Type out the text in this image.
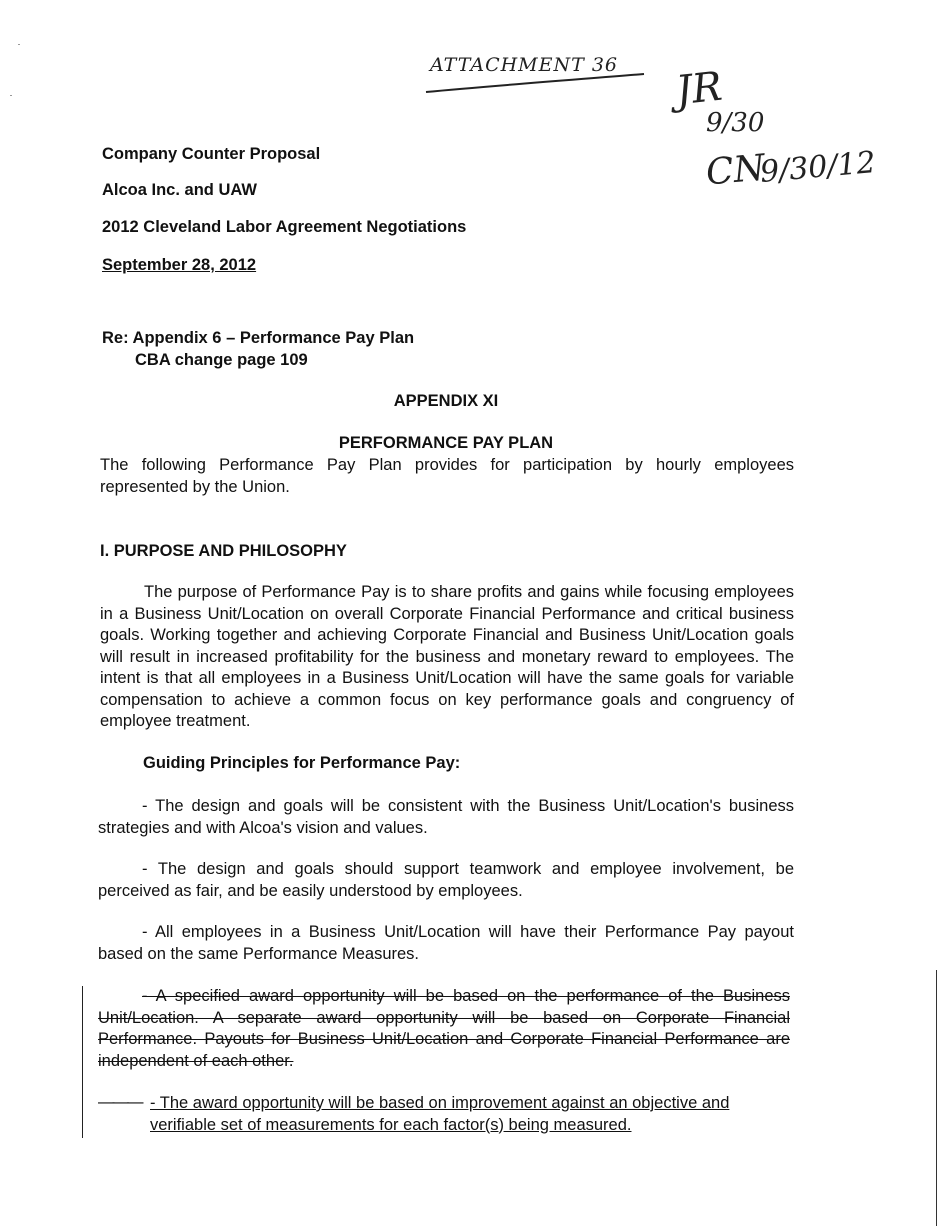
ATTACHMENT 36 JR
9/30
CN
9/30/12
Company Counter Proposal
Alcoa Inc. and UAW
2012 Cleveland Labor Agreement Negotiations
September 28, 2012
Re: Appendix 6 – Performance Pay Plan
CBA change page 109
APPENDIX XI
PERFORMANCE PAY PLAN
The following Performance Pay Plan provides for participation by hourly employees represented by the Union.
I. PURPOSE AND PHILOSOPHY
The purpose of Performance Pay is to share profits and gains while focusing employees in a Business Unit/Location on overall Corporate Financial Performance and critical business goals. Working together and achieving Corporate Financial and Business Unit/Location goals will result in increased profitability for the business and monetary reward to employees. The intent is that all employees in a Business Unit/Location will have the same goals for variable compensation to achieve a common focus on key performance goals and congruency of employee treatment.
Guiding Principles for Performance Pay:
- The design and goals will be consistent with the Business Unit/Location's business strategies and with Alcoa's vision and values.
- The design and goals should support teamwork and employee involvement, be perceived as fair, and be easily understood by employees.
- All employees in a Business Unit/Location will have their Performance Pay payout based on the same Performance Measures.
- A specified award opportunity will be based on the performance of the Business Unit/Location. A separate award opportunity will be based on Corporate Financial Performance. Payouts for Business Unit/Location and Corporate Financial Performance are independent of each other.
——— - The award opportunity will be based on improvement against an objective and verifiable set of measurements for each factor(s) being measured.
